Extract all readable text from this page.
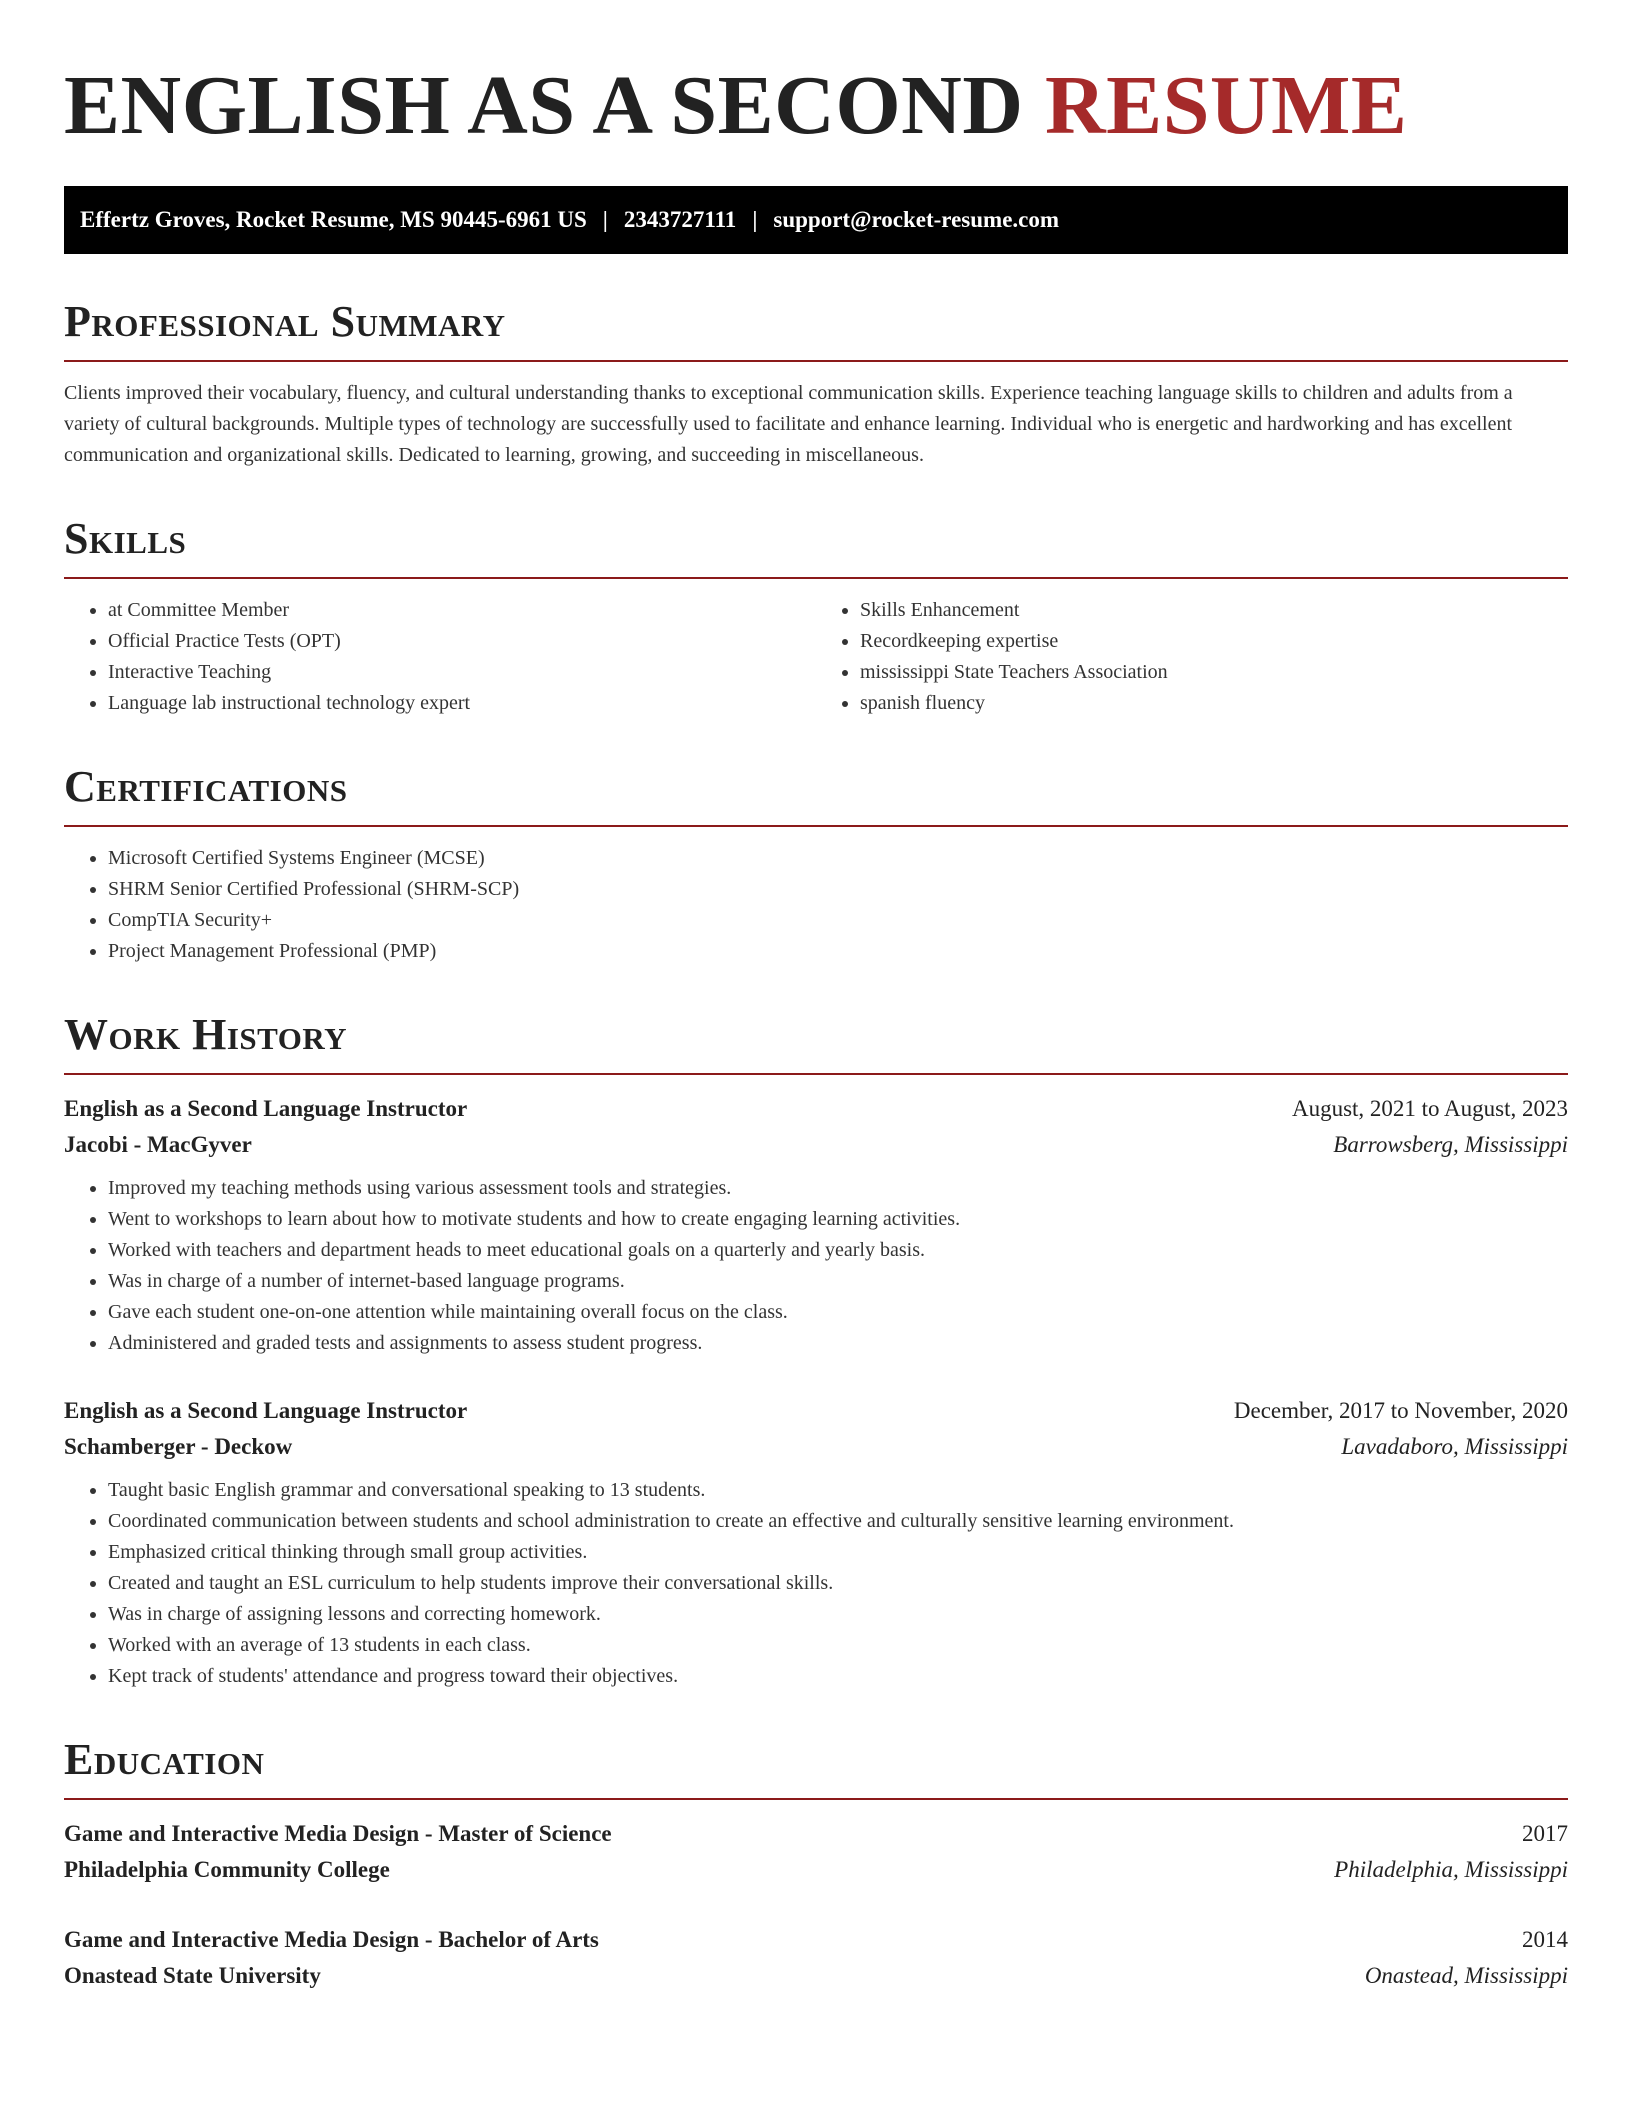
ENGLISH AS A SECOND RESUME
Effertz Groves, Rocket Resume, MS 90445-6961 US | 2343727111 | support@rocket-resume.com
Professional Summary

Clients improved their vocabulary, fluency, and cultural understanding thanks to exceptional communication skills. Experience teaching language skills to children and adults from a variety of cultural backgrounds. Multiple types of technology are successfully used to facilitate and enhance learning. Individual who is energetic and hardworking and has excellent communication and organizational skills. Dedicated to learning, growing, and succeeding in miscellaneous.

Skills
• at Committee Member
• Official Practice Tests (OPT)
• Interactive Teaching
• Language lab instructional technology expert
• Skills Enhancement
• Recordkeeping expertise
• mississippi State Teachers Association
• spanish fluency
Certifications
• Microsoft Certified Systems Engineer (MCSE)
• SHRM Senior Certified Professional (SHRM-SCP)
• CompTIA Security+
• Project Management Professional (PMP)
Work History
English as a Second Language Instructor	August, 2021 to August, 2023
Jacobi - MacGyver	Barrowsberg, Mississippi
• Improved my teaching methods using various assessment tools and strategies.
• Went to workshops to learn about how to motivate students and how to create engaging learning activities.
• Worked with teachers and department heads to meet educational goals on a quarterly and yearly basis.
• Was in charge of a number of internet-based language programs.
• Gave each student one-on-one attention while maintaining overall focus on the class.
• Administered and graded tests and assignments to assess student progress.
English as a Second Language Instructor	December, 2017 to November, 2020
Schamberger - Deckow	Lavadaboro, Mississippi
• Taught basic English grammar and conversational speaking to 13 students.
• Coordinated communication between students and school administration to create an effective and culturally sensitive learning environment.
• Emphasized critical thinking through small group activities.
• Created and taught an ESL curriculum to help students improve their conversational skills.
• Was in charge of assigning lessons and correcting homework.
• Worked with an average of 13 students in each class.
• Kept track of students' attendance and progress toward their objectives.
Education
Game and Interactive Media Design - Master of Science	2017
Philadelphia Community College	Philadelphia, Mississippi
Game and Interactive Media Design - Bachelor of Arts	2014
Onastead State University	Onastead, Mississippi
